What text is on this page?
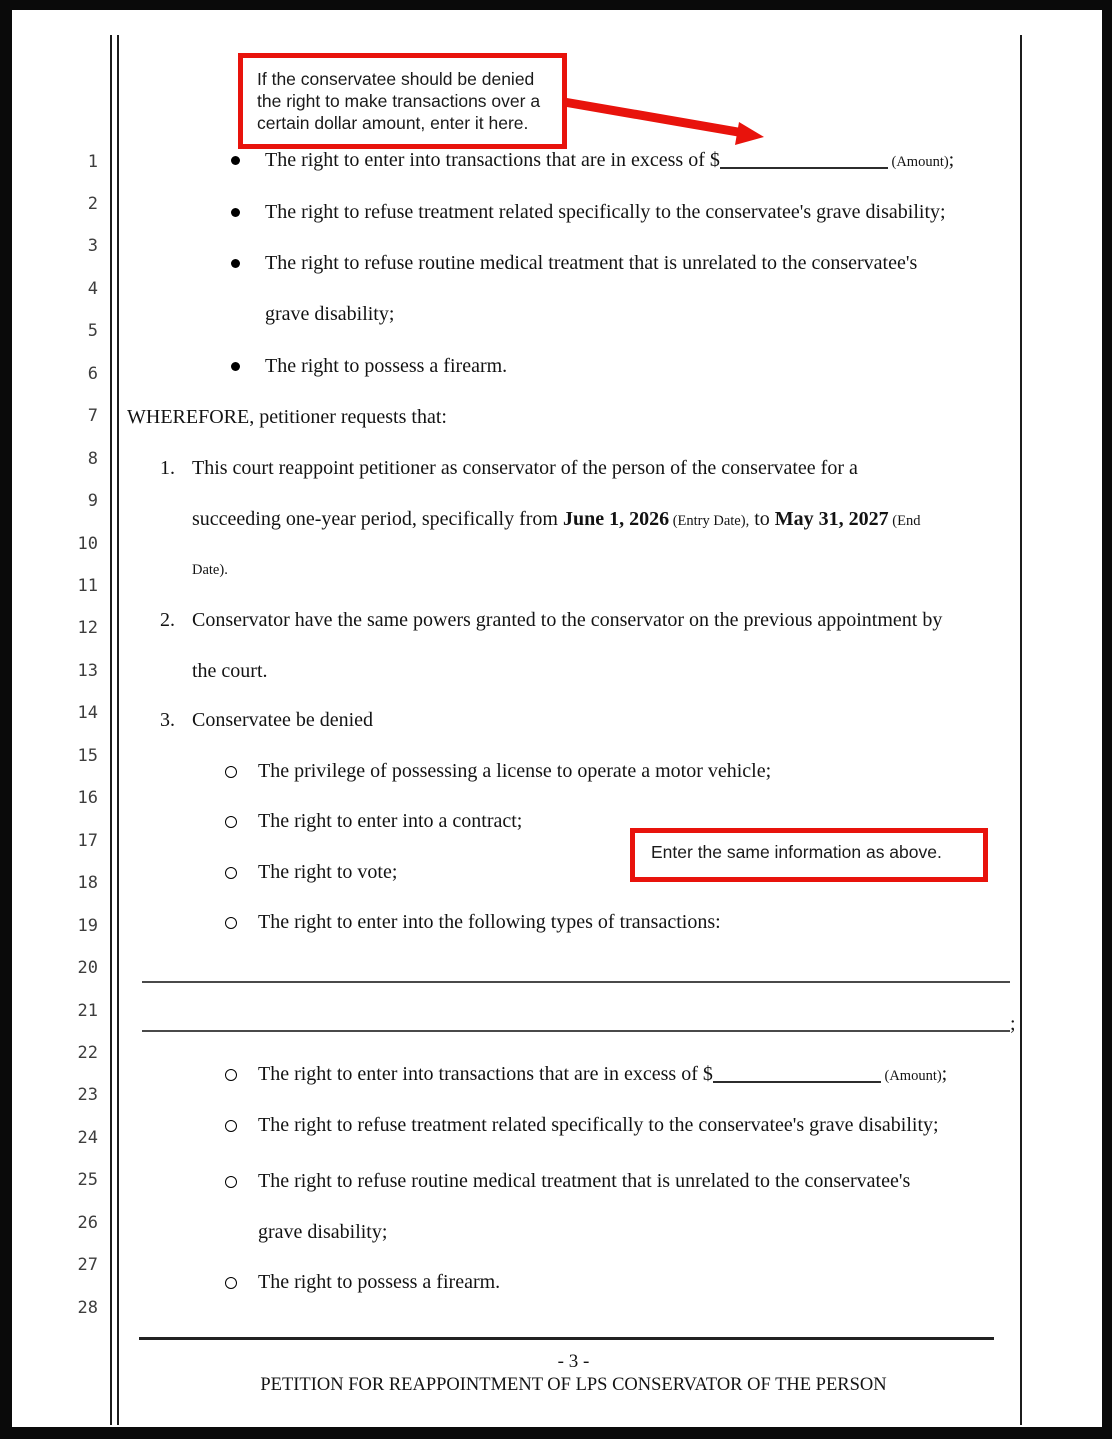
1
2
3
4
5
6
7
8
9
10
11
12
13
14
15
16
17
18
19
20
21
22
23
24
25
26
27
28
If the conservatee should be denied the right to make transactions over a certain dollar amount, enter it here.
The right to enter into transactions that are in excess of $	(Amount);
The right to refuse treatment related specifically to the conservatee's grave disability;
The right to refuse routine medical treatment that is unrelated to the conservatee's
grave disability;
The right to possess a firearm.
WHEREFORE, petitioner requests that:
1. This court reappoint petitioner as conservator of the person of the conservatee for a
succeeding one-year period, specifically from June 1, 2026 (Entry Date), to May 31, 2027 (End
Date).
2. Conservator have the same powers granted to the conservator on the previous appointment by
the court.
3. Conservatee be denied
The privilege of possessing a license to operate a motor vehicle;
The right to enter into a contract;
Enter the same information as above.
The right to vote;
The right to enter into the following types of transactions:
;
The right to enter into transactions that are in excess of $	(Amount);
The right to refuse treatment related specifically to the conservatee's grave disability;
The right to refuse routine medical treatment that is unrelated to the conservatee's
grave disability;
The right to possess a firearm.
- 3 -
PETITION FOR REAPPOINTMENT OF LPS CONSERVATOR OF THE PERSON
